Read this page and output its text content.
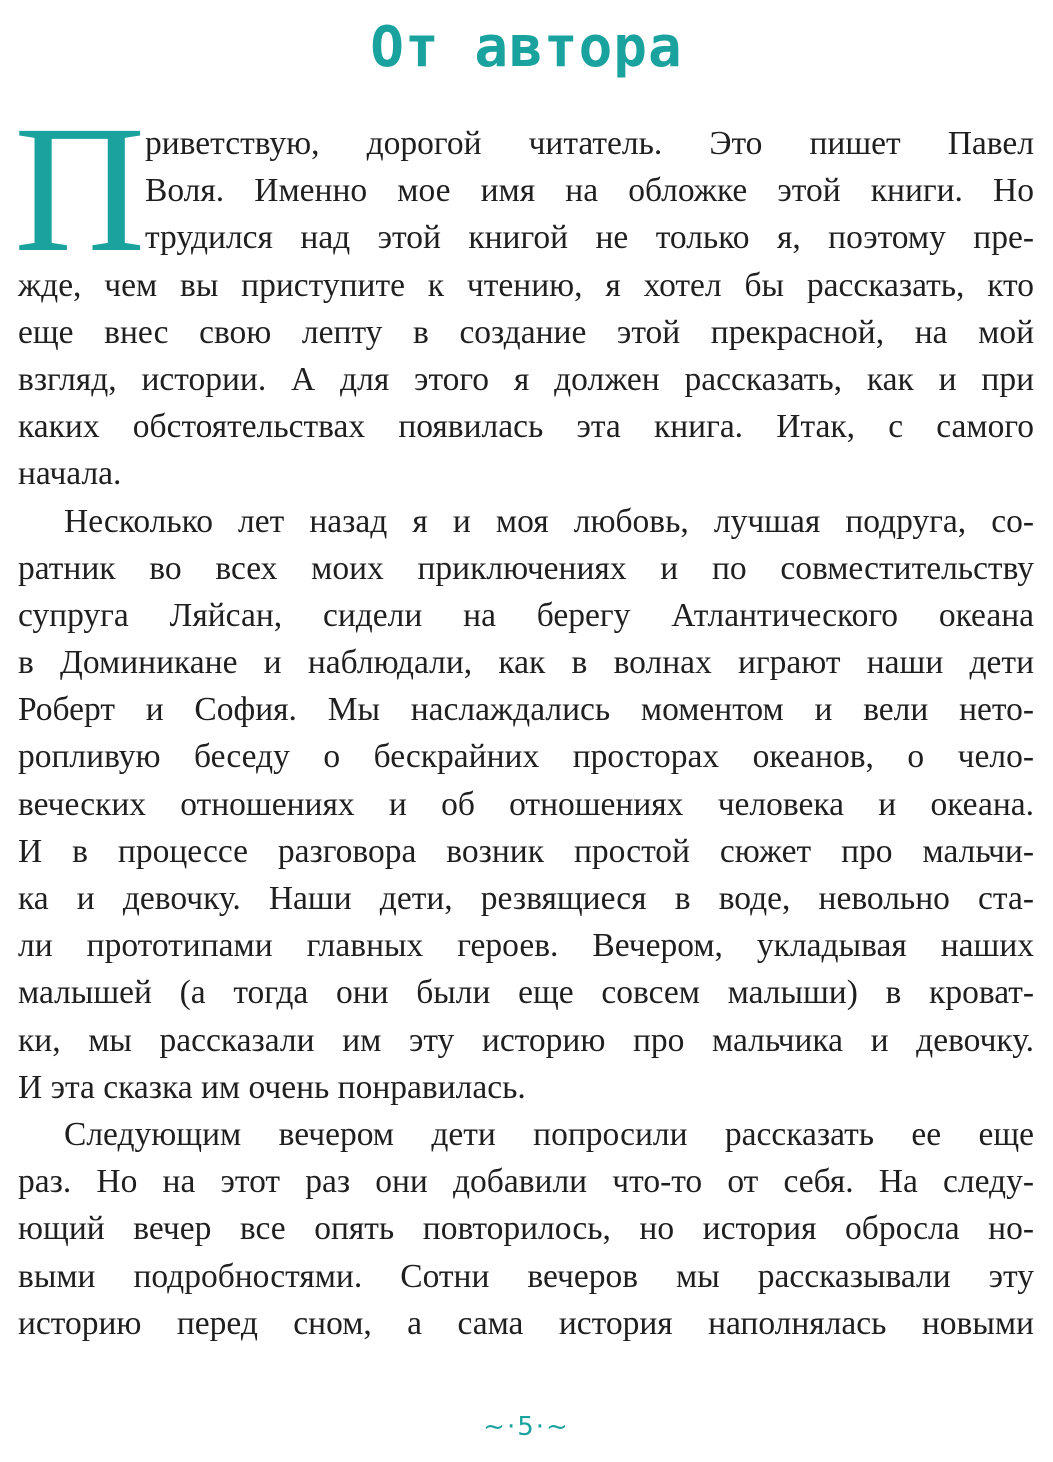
От автора
П риветствую, дорогой читатель. Это пишет Павел
Воля. Именно мое имя на обложке этой книги. Но
трудился над этой книгой не только я, поэтому пре-
жде, чем вы приступите к чтению, я хотел бы рассказать, кто
еще внес свою лепту в создание этой прекрасной, на мой
взгляд, истории. А для этого я должен рассказать, как и при
каких обстоятельствах появилась эта книга. Итак, с самого
начала.
Несколько лет назад я и моя любовь, лучшая подруга, со-
ратник во всех моих приключениях и по совместительству
супруга Ляйсан, сидели на берегу Атлантического океана
в Доминикане и наблюдали, как в волнах играют наши дети
Роберт и София. Мы наслаждались моментом и вели нето-
ропливую беседу о бескрайних просторах океанов, о чело-
веческих отношениях и об отношениях человека и океана.
И в процессе разговора возник простой сюжет про мальчи-
ка и девочку. Наши дети, резвящиеся в воде, невольно ста-
ли прототипами главных героев. Вечером, укладывая наших
малышей (а тогда они были еще совсем малыши) в кроват-
ки, мы рассказали им эту историю про мальчика и девочку.
И эта сказка им очень понравилась.
Следующим вечером дети попросили рассказать ее еще
раз. Но на этот раз они добавили что-то от себя. На следу-
ющий вечер все опять повторилось, но история обросла но-
выми подробностями. Сотни вечеров мы рассказывали эту
историю перед сном, а сама история наполнялась новыми
~·5·~
